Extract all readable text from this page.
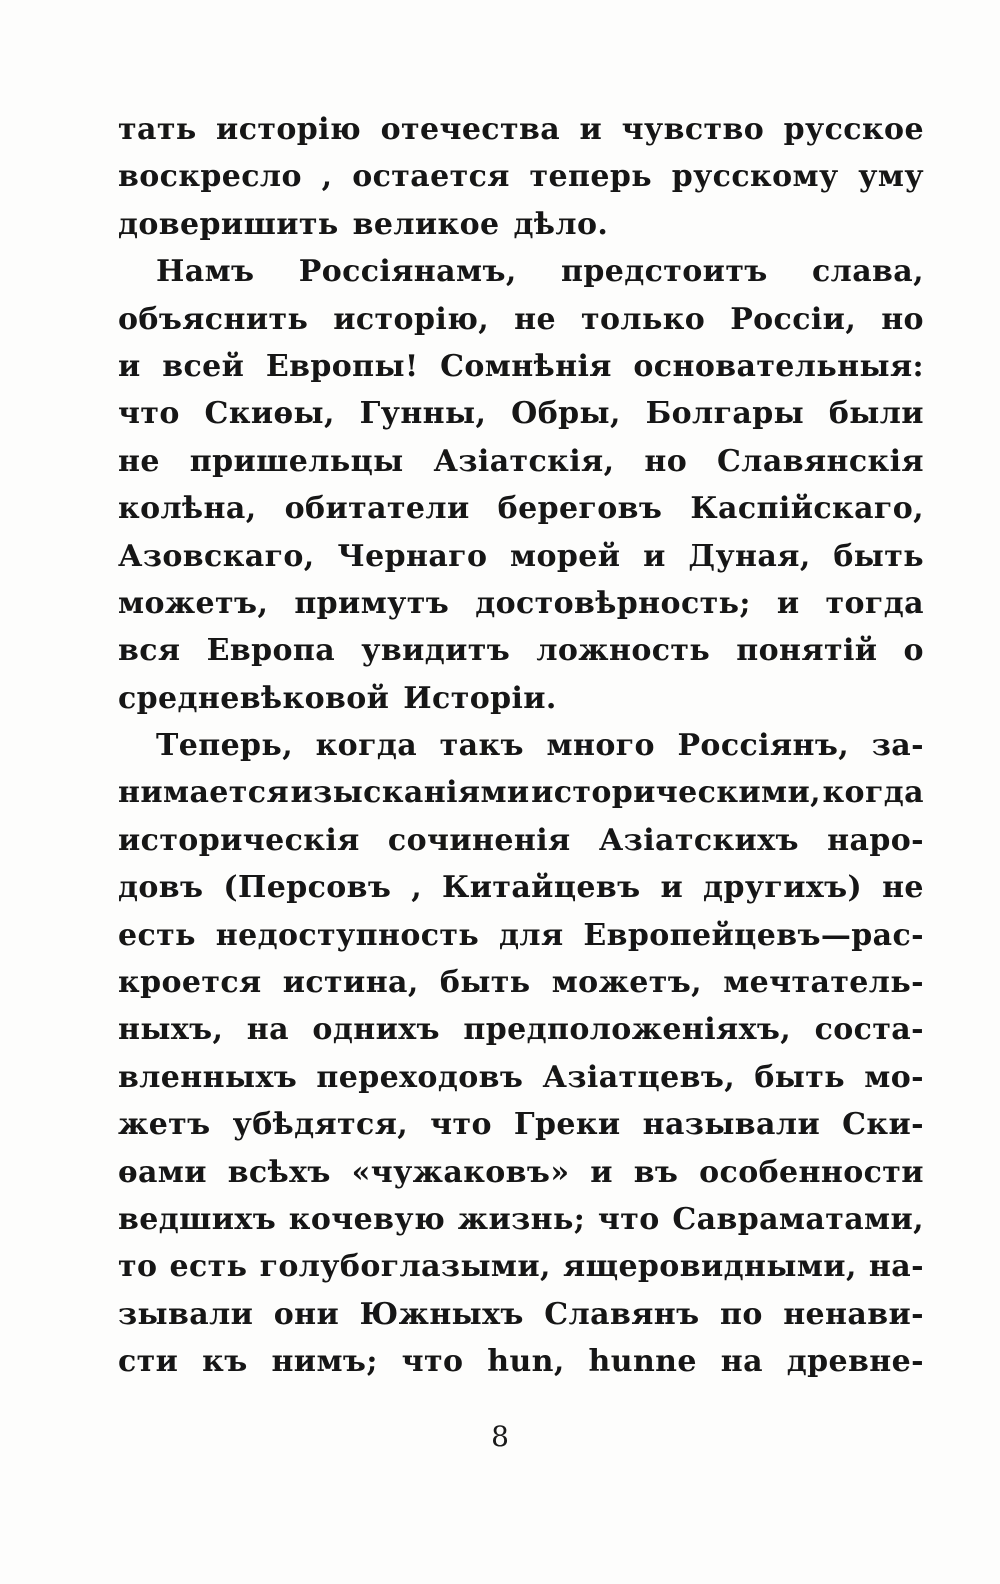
тать исторію отечества и чувство русское
воскресло , остается теперь русскому уму
доверишить великое дѣло.
Намъ Россіянамъ, предстоитъ слава,
объяснить исторію, не только Россіи, но
и всей Европы! Сомнѣнія основательныя:
что Скиѳы, Гунны, Обры, Болгары были
не пришельцы Азіатскія, но Славянскія
колѣна, обитатели береговъ Каспійскаго,
Азовскаго, Чернаго морей и Дуная, быть
можетъ, примутъ достовѣрность; и тогда
вся Европа увидитъ ложность понятій о
средневѣковой Исторіи.
Теперь, когда такъ много Россіянъ, за-
нимается изысканіями историческими, когда
историческія сочиненія Азіатскихъ наро-
довъ (Персовъ , Китайцевъ и другихъ) не
есть недоступность для Европейцевъ—рас-
кроется истина, быть можетъ, мечтатель-
ныхъ, на однихъ предположеніяхъ, соста-
вленныхъ переходовъ Азіатцевъ, быть мо-
жетъ убѣдятся, что Греки называли Ски-
ѳами всѣхъ «чужаковъ» и въ особенности
ведшихъ кочевую жизнь; что Савраматами,
то есть голубоглазыми, ящеровидными, на-
зывали они Южныхъ Славянъ по ненави-
сти къ нимъ; что hun, hunne на древне-
8
